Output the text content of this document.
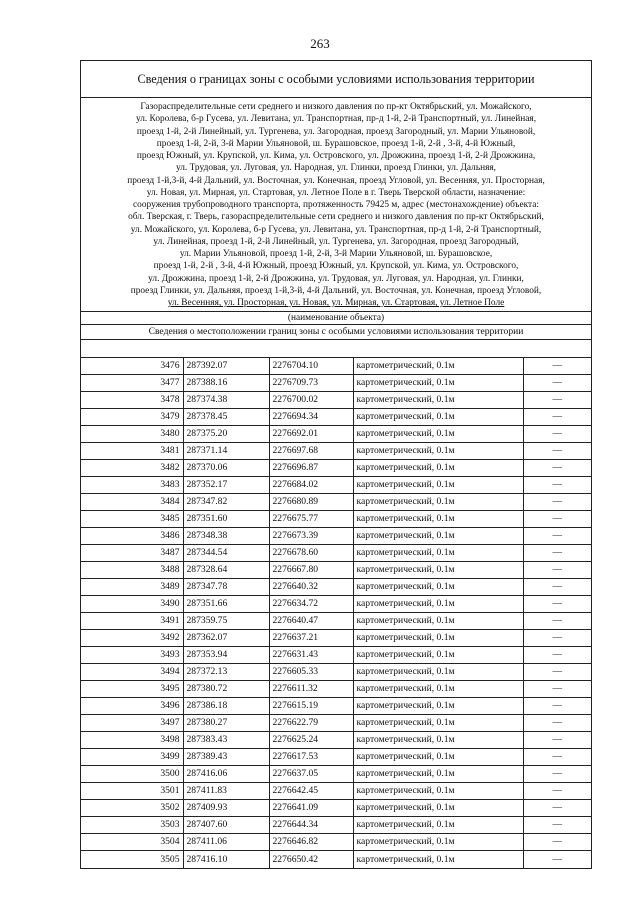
263
Сведения о границах зоны с особыми условиями использования территории
Газораспределительные сети среднего и низкого давления по пр-кт Октябрьский, ул. Можайского,
ул. Королева, б-р Гусева, ул. Левитана, ул. Транспортная, пр-д 1-й, 2-й Транспортный, ул. Линейная,
проезд 1-й, 2-й Линейный, ул. Тургенева, ул. Загородная, проезд Загородный, ул. Марии Ульяновой,
проезд 1-й, 2-й, 3-й Марии Ульяновой, ш. Бурашовское, проезд 1-й, 2-й , 3-й, 4-й Южный,
проезд Южный, ул. Крупской, ул. Кима, ул. Островского, ул. Дрожжина, проезд 1-й, 2-й Дрожжина,
ул. Трудовая, ул. Луговая, ул. Народная, ул. Глинки, проезд Глинки, ул. Дальняя,
проезд 1-й,3-й, 4-й Дальний, ул. Восточная, ул. Конечная, проезд Угловой, ул. Весенняя, ул. Просторная,
ул. Новая, ул. Мирная, ул. Стартовая, ул. Летное Поле в г. Тверь Тверской области, назначение:
сооружения трубопроводного транспорта, протяженность 79425 м, адрес (местонахождение) объекта:
обл. Тверская, г. Тверь, газораспределительные сети среднего и низкого давления по пр-кт Октябрьский,
ул. Можайского, ул. Королева, б-р Гусева, ул. Левитана, ул. Транспортная, пр-д 1-й, 2-й Транспортный,
ул. Линейная, проезд 1-й, 2-й Линейный, ул. Тургенева, ул. Загородная, проезд Загородный,
ул. Марии Ульяновой, проезд 1-й, 2-й, 3-й Марии Ульяновой, ш. Бурашовское,
проезд 1-й, 2-й , 3-й, 4-й Южный, проезд Южный, ул. Крупской, ул. Кима, ул. Островского,
ул. Дрожжина, проезд 1-й, 2-й Дрожжина, ул. Трудовая, ул. Луговая, ул. Народная, ул. Глинки,
проезд Глинки, ул. Дальняя, проезд 1-й,3-й, 4-й Дальний, ул. Восточная, ул. Конечная, проезд Угловой,
ул. Весенняя, ул. Просторная, ул. Новая, ул. Мирная, ул. Стартовая, ул. Летное Поле
(наименование объекта)
Сведения о местоположении границ зоны с особыми условиями использования территории
3476	287392.07	2276704.10	картометрический, 0.1м	—
3477	287388.16	2276709.73	картометрический, 0.1м	—
3478	287374.38	2276700.02	картометрический, 0.1м	—
3479	287378.45	2276694.34	картометрический, 0.1м	—
3480	287375.20	2276692.01	картометрический, 0.1м	—
3481	287371.14	2276697.68	картометрический, 0.1м	—
3482	287370.06	2276696.87	картометрический, 0.1м	—
3483	287352.17	2276684.02	картометрический, 0.1м	—
3484	287347.82	2276680.89	картометрический, 0.1м	—
3485	287351.60	2276675.77	картометрический, 0.1м	—
3486	287348.38	2276673.39	картометрический, 0.1м	—
3487	287344.54	2276678.60	картометрический, 0.1м	—
3488	287328.64	2276667.80	картометрический, 0.1м	—
3489	287347.78	2276640.32	картометрический, 0.1м	—
3490	287351.66	2276634.72	картометрический, 0.1м	—
3491	287359.75	2276640.47	картометрический, 0.1м	—
3492	287362.07	2276637.21	картометрический, 0.1м	—
3493	287353.94	2276631.43	картометрический, 0.1м	—
3494	287372.13	2276605.33	картометрический, 0.1м	—
3495	287380.72	2276611.32	картометрический, 0.1м	—
3496	287386.18	2276615.19	картометрический, 0.1м	—
3497	287380.27	2276622.79	картометрический, 0.1м	—
3498	287383.43	2276625.24	картометрический, 0.1м	—
3499	287389.43	2276617.53	картометрический, 0.1м	—
3500	287416.06	2276637.05	картометрический, 0.1м	—
3501	287411.83	2276642.45	картометрический, 0.1м	—
3502	287409.93	2276641.09	картометрический, 0.1м	—
3503	287407.60	2276644.34	картометрический, 0.1м	—
3504	287411.06	2276646.82	картометрический, 0.1м	—
3505	287416.10	2276650.42	картометрический, 0.1м	—
